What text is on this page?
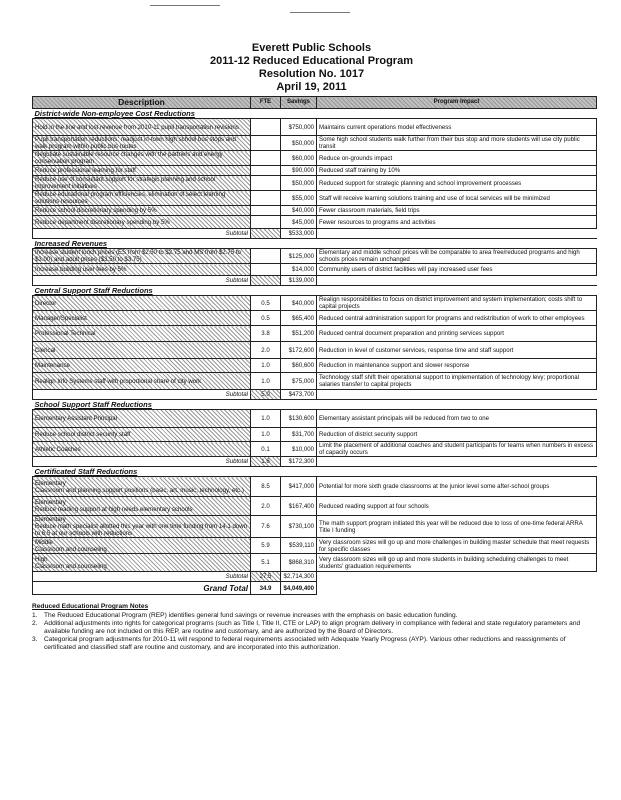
Everett Public Schools
2011-12 Reduced Educational Program
Resolution No. 1017
April 19, 2011
Description	FTE	Savings	Program Impact
District-wide Non-employee Cost Reductions			
Hold in the line and lost revenue from 2010-11 pupil transportation revisions		$750,000	Maintains current operations model effectiveness
Pupil transportation reductions: readjust in-town high school bus stops and walk program within public bus routes		$50,000	Some high school students walk further from their bus stop and more students will use city public transit
Negotiate sustainable resource changes with the partners and energy conservation program		$60,000	Reduce on-grounds impact
Reduce professional learning for staff		$90,000	Reduced staff training by 10%
Reduce use of consultant support for strategic planning and school improvement initiatives		$50,000	Reduced support for strategic planning and school improvement processes
Reduce educational program efficiencies, elimination of select learning solutions resources		$55,000	Staff will receive learning solutions training and use of local services will be minimized
Reduce school discretionary spending by 5%		$40,000	Fewer classroom materials, field trips
Reduce department discretionary spending by 5%		$45,000	Fewer resources to programs and activities
Subtotal		$533,000	
Increased Revenues			
Increase student lunch prices (ES from $2.50 to $2.75 and MS from $2.75 to $3.00) and adult prices ($3.50 to $3.75)		$125,000	Elementary and middle school prices will be comparable to area free/reduced programs and high schools prices remain unchanged
Increase building user fees by 5%		$14,000	Community users of district facilities will pay increased user fees
Subtotal		$139,000	
Central Support Staff Reductions			
Director	0.5	$40,000	Realign responsibilities to focus on district improvement and system implementation; costs shift to capital projects
Manager/Specialist	0.5	$65,400	Reduced central administration support for programs and redistribution of work to other employees
Professional Technical	3.8	$51,200	Reduced central document preparation and printing services support
Clerical	2.0	$172,600	Reduction in level of customer services, response time and staff support
Maintenance	1.0	$60,600	Reduction in maintenance support and slower response
Realign Info Systems staff with proportional share of city work	1.0	$75,000	Technology staff shift their operational support to implementation of technology levy; proportional salaries transfer to capital projects
Subtotal	5.0	$473,700	
School Support Staff Reductions			
Elementary Assistant Principal	1.0	$130,600	Elementary assistant principals will be reduced from two to one
Reduce school district security staff	1.0	$31,700	Reduction of district security support
Athletic Coaches	0.1	$10,000	Limit the placement of additional coaches and student participants for teams when numbers in excess of capacity occurs
Subtotal	1.6	$172,300	
Certificated Staff Reductions			
Elementary
Classroom and planning support positions (basic, art, music, technology, etc.)	8.5	$417,000	Potential for more sixth grade classrooms at the junior level some after-school groups
Elementary
Reduce reading support at high needs elementary schools	2.0	$167,400	Reduced reading support at four schools
Elementary
Reduce math specialist allotted this year with one time funding from 14.1 down to 6.5 at our schools with reductions	7.6	$730,100	The math support program initiated this year will be reduced due to loss of one-time federal ARRA Title I funding
Middle
Classroom and counseling	5.9	$539,110	Very classroom sizes will go up and more challenges in building master schedule that meet requests for specific classes
High
Classroom and counseling	5.1	$868,310	Very classroom sizes will go up and more students in building scheduling challenges to meet students' graduation requirements
Subtotal	27.5	$2,714,300	
Grand Total	34.9	$4,049,400	
Reduced Educational Program Notes
1. The Reduced Educational Program (REP) identifies general fund savings or revenue increases with the emphasis on basic education funding.
2. Additional adjustments into rights for categorical programs (such as Title I, Title II, CTE or LAP) to align program delivery in compliance with federal and state regulatory parameters and available funding are not included on this REP, are routine and customary, and are authorized by the Board of Directors.
3. Categorical program adjustments for 2010-11 will respond to federal requirements associated with Adequate Yearly Progress (AYP). Various other reductions and reassignments of certificated and classified staff are routine and customary, and are incorporated into this authorization.
